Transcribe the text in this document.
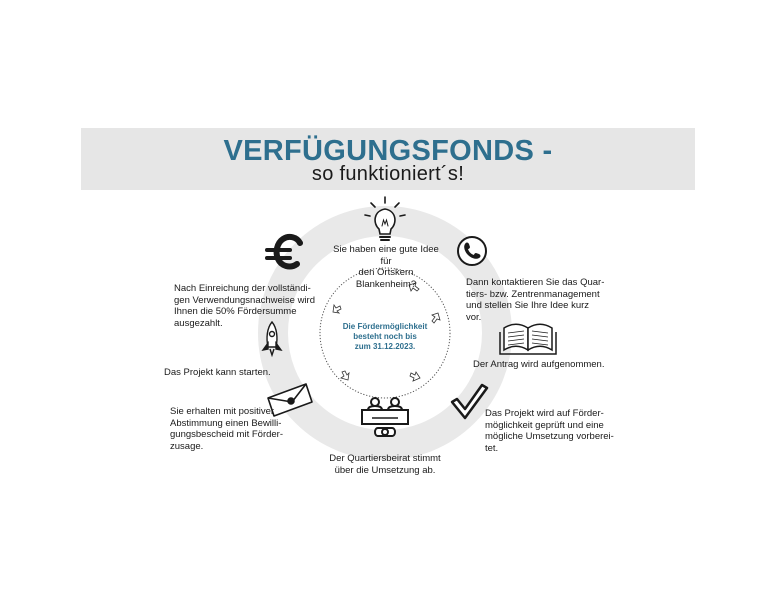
VERFÜGUNGSFONDS -
so funktioniert´s!
Die Fördermöglichkeit
besteht noch bis
zum 31.12.2023.
Sie haben eine gute Idee für
den Ortskern Blankenheim?	Dann kontaktieren Sie das Quar-
tiers- bzw. Zentrenmanagement
und stellen Sie Ihre Idee kurz
vor.
Der Antrag wird aufgenommen.
Das Projekt wird auf Förder-
möglichkeit geprüft und eine
mögliche Umsetzung vorberei-
tet.
Der Quartiersbeirat stimmt
über die Umsetzung ab.
Sie erhalten mit positiver
Abstimmung einen Bewilli-
gungsbescheid mit Förder-
zusage.
Das Projekt kann starten.
Nach Einreichung der vollständi-
gen Verwendungsnachweise wird
Ihnen die 50% Fördersumme
ausgezahlt.
